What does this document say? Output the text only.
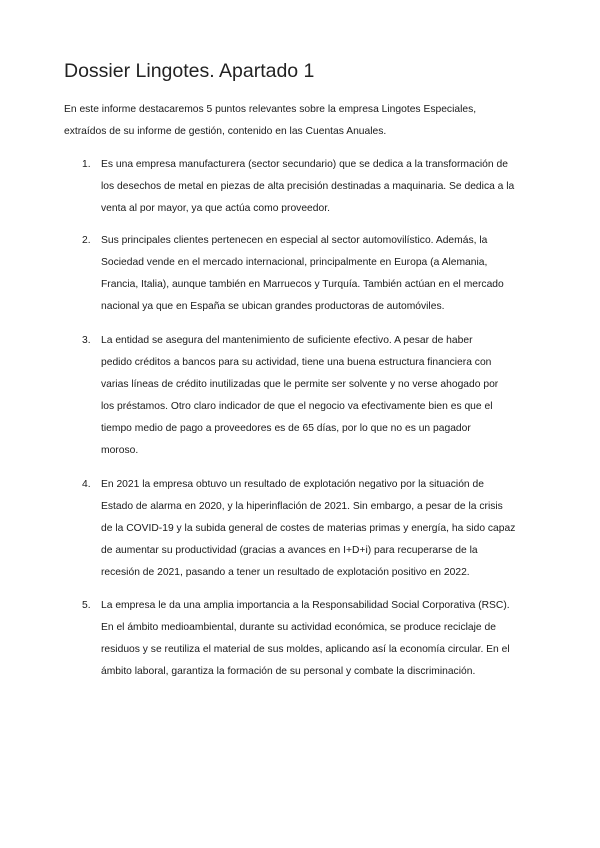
Dossier Lingotes. Apartado 1
En este informe destacaremos 5 puntos relevantes sobre la empresa Lingotes Especiales,
extraídos de su informe de gestión, contenido en las Cuentas Anuales.
1. Es una empresa manufacturera (sector secundario) que se dedica a la transformación de
los desechos de metal en piezas de alta precisión destinadas a maquinaria. Se dedica a la
venta al por mayor, ya que actúa como proveedor.
2. Sus principales clientes pertenecen en especial al sector automovilístico. Además, la
Sociedad vende en el mercado internacional, principalmente en Europa (a Alemania,
Francia, Italia), aunque también en Marruecos y Turquía. También actúan en el mercado
nacional ya que en España se ubican grandes productoras de automóviles.
3. La entidad se asegura del mantenimiento de suficiente efectivo. A pesar de haber
pedido créditos a bancos para su actividad, tiene una buena estructura financiera con
varias líneas de crédito inutilizadas que le permite ser solvente y no verse ahogado por
los préstamos. Otro claro indicador de que el negocio va efectivamente bien es que el
tiempo medio de pago a proveedores es de 65 días, por lo que no es un pagador
moroso.
4. En 2021 la empresa obtuvo un resultado de explotación negativo por la situación de
Estado de alarma en 2020, y la hiperinflación de 2021. Sin embargo, a pesar de la crisis
de la COVID-19 y la subida general de costes de materias primas y energía, ha sido capaz
de aumentar su productividad (gracias a avances en I+D+i) para recuperarse de la
recesión de 2021, pasando a tener un resultado de explotación positivo en 2022.
5. La empresa le da una amplia importancia a la Responsabilidad Social Corporativa (RSC).
En el ámbito medioambiental, durante su actividad económica, se produce reciclaje de
residuos y se reutiliza el material de sus moldes, aplicando así la economía circular. En el
ámbito laboral, garantiza la formación de su personal y combate la discriminación.
